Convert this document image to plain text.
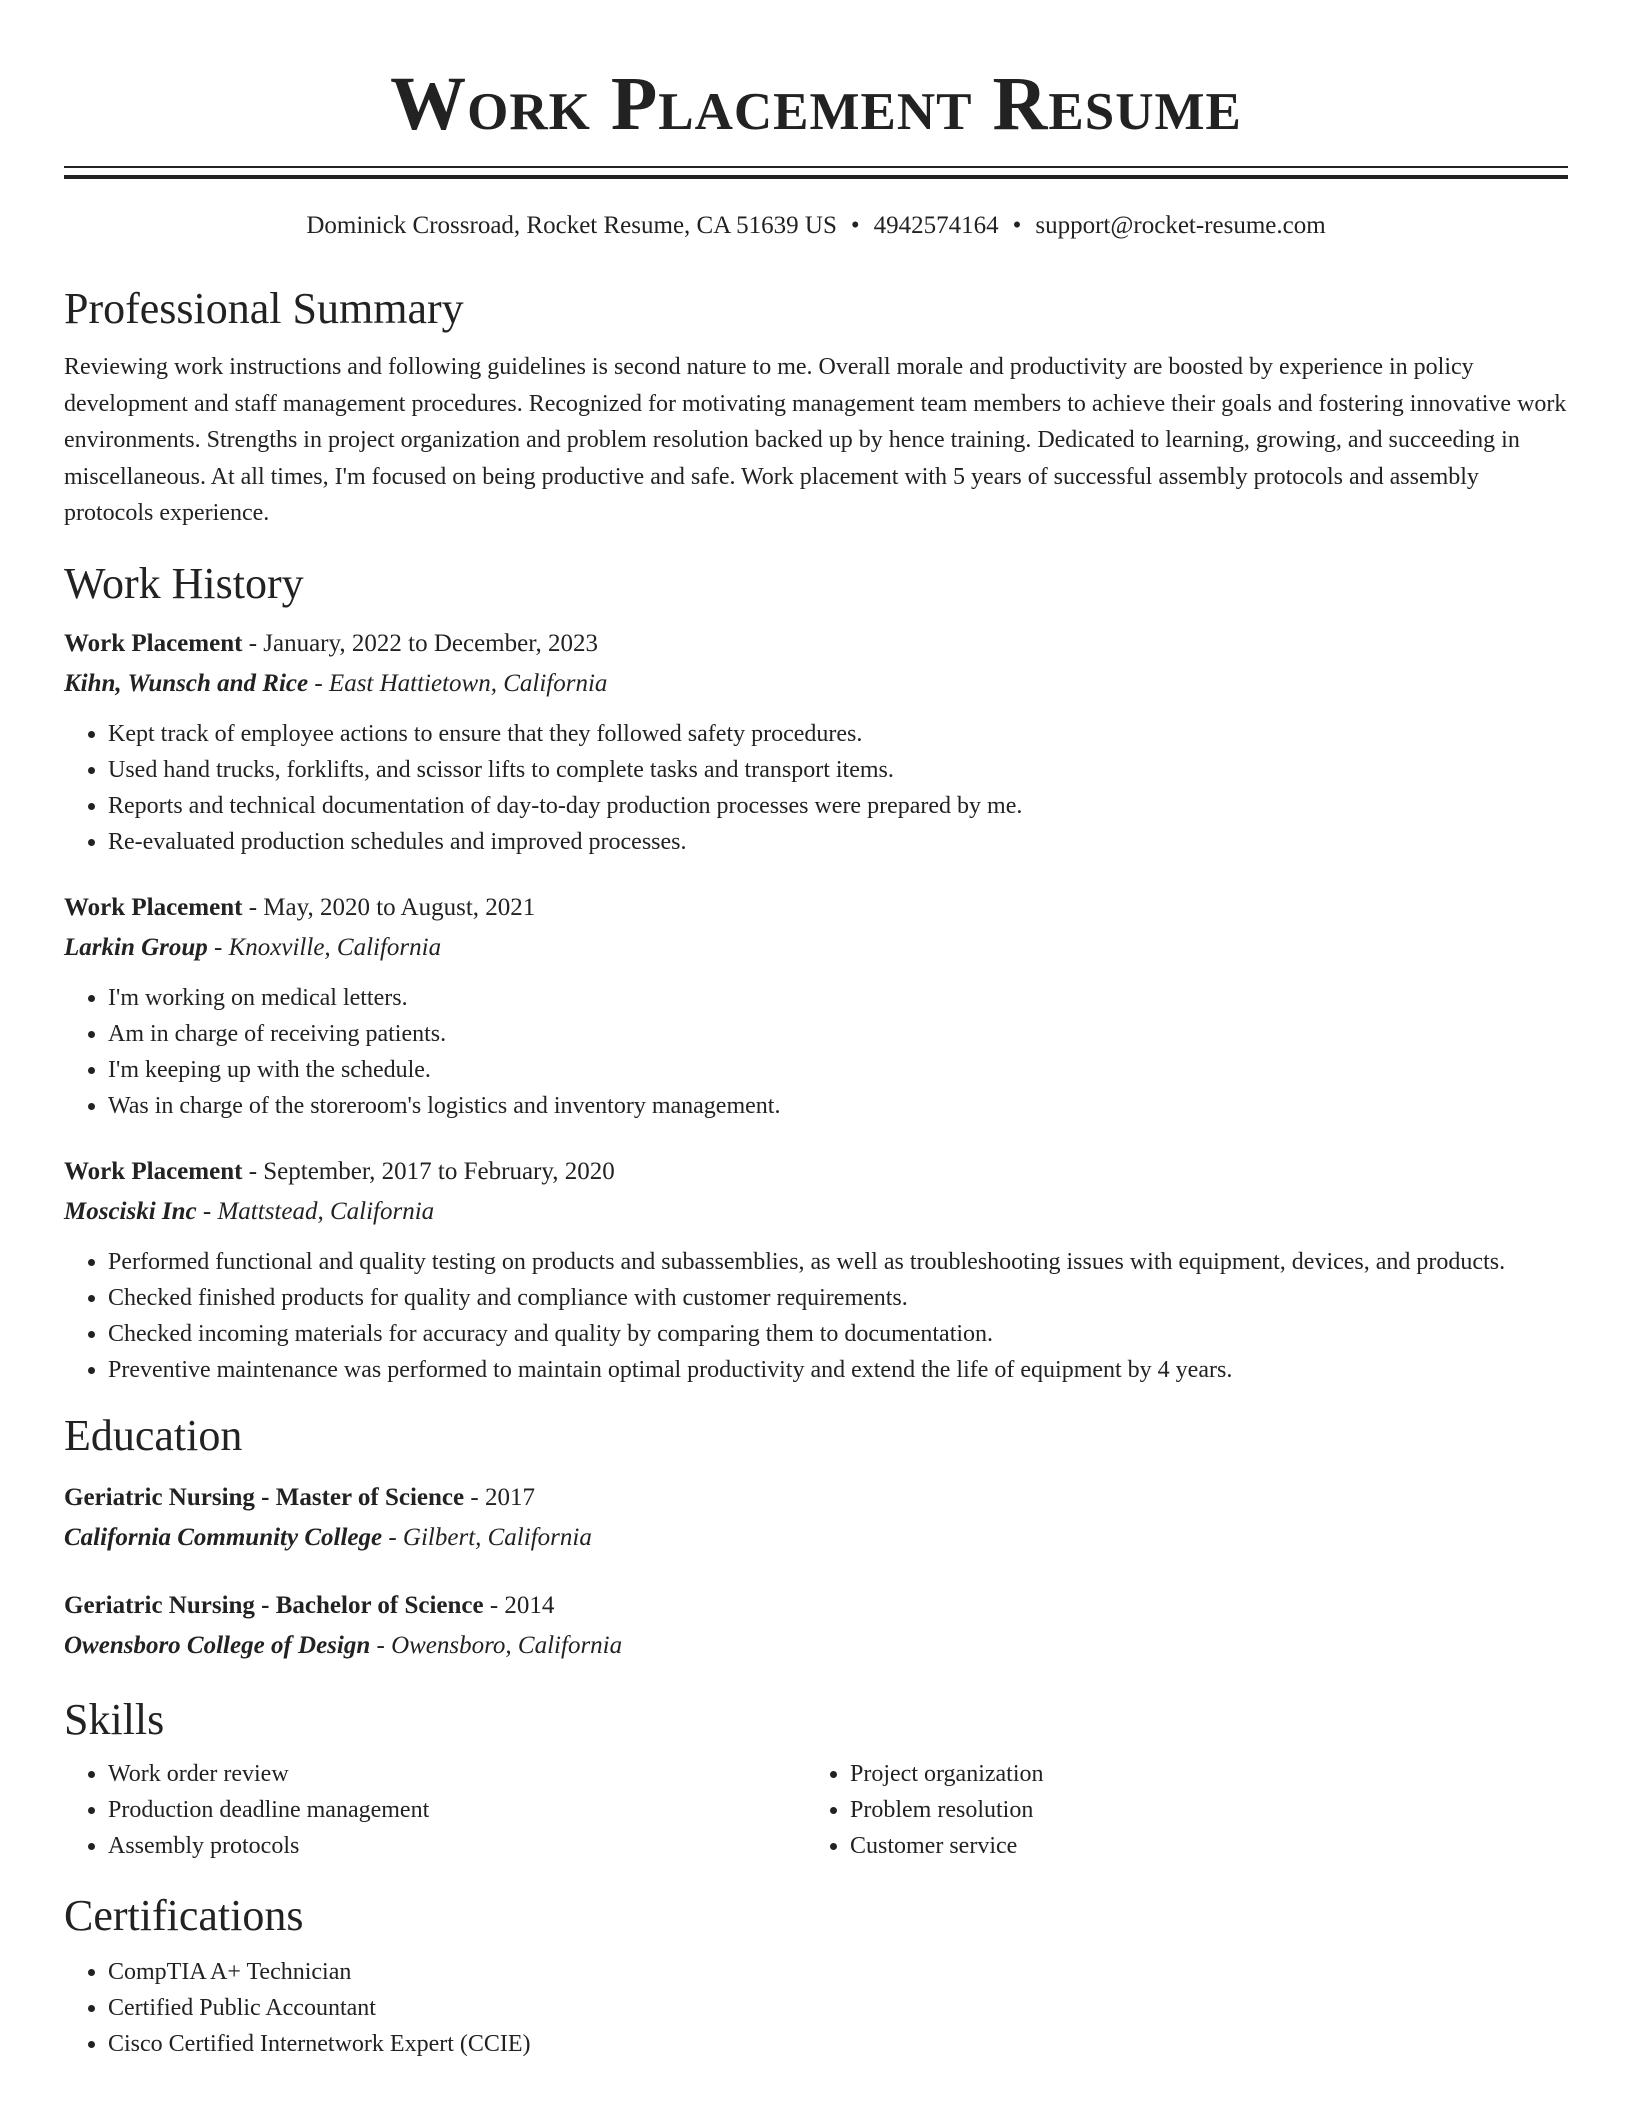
Work Placement Resume
Dominick Crossroad, Rocket Resume, CA 51639 US • 4942574164 • support@rocket-resume.com
Professional Summary
Reviewing work instructions and following guidelines is second nature to me. Overall morale and productivity are boosted by experience in policy development and staff management procedures. Recognized for motivating management team members to achieve their goals and fostering innovative work environments. Strengths in project organization and problem resolution backed up by hence training. Dedicated to learning, growing, and succeeding in miscellaneous. At all times, I'm focused on being productive and safe. Work placement with 5 years of successful assembly protocols and assembly protocols experience.
Work History
Work Placement - January, 2022 to December, 2023
Kihn, Wunsch and Rice - East Hattietown, California
• Kept track of employee actions to ensure that they followed safety procedures.
• Used hand trucks, forklifts, and scissor lifts to complete tasks and transport items.
• Reports and technical documentation of day-to-day production processes were prepared by me.
• Re-evaluated production schedules and improved processes.
Work Placement - May, 2020 to August, 2021
Larkin Group - Knoxville, California
• I'm working on medical letters.
• Am in charge of receiving patients.
• I'm keeping up with the schedule.
• Was in charge of the storeroom's logistics and inventory management.
Work Placement - September, 2017 to February, 2020
Mosciski Inc - Mattstead, California
• Performed functional and quality testing on products and subassemblies, as well as troubleshooting issues with equipment, devices, and products.
• Checked finished products for quality and compliance with customer requirements.
• Checked incoming materials for accuracy and quality by comparing them to documentation.
• Preventive maintenance was performed to maintain optimal productivity and extend the life of equipment by 4 years.
Education
Geriatric Nursing - Master of Science - 2017
California Community College - Gilbert, California
Geriatric Nursing - Bachelor of Science - 2014
Owensboro College of Design - Owensboro, California
Skills
• Work order review
• Production deadline management
• Assembly protocols
• Project organization
• Problem resolution
• Customer service
Certifications
• CompTIA A+ Technician
• Certified Public Accountant
• Cisco Certified Internetwork Expert (CCIE)
